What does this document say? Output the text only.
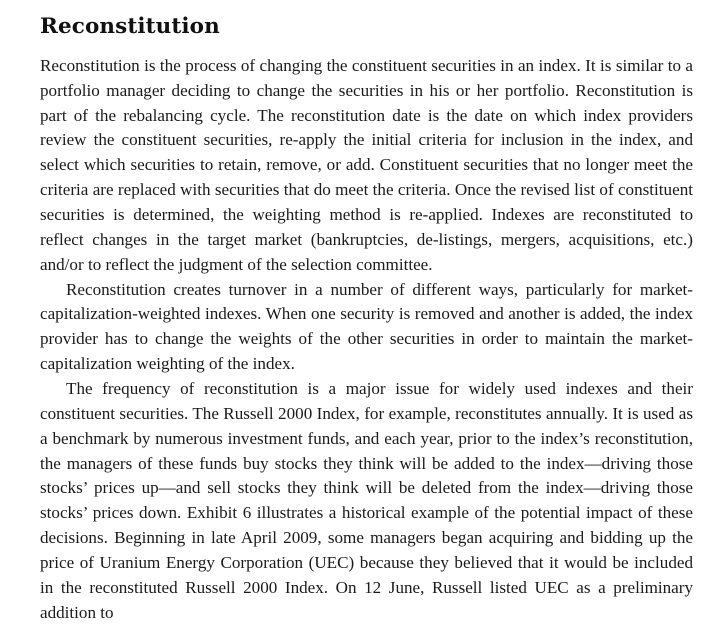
Reconstitution

Reconstitution is the process of changing the constituent securities in an index. It is similar to a portfolio manager deciding to change the securities in his or her portfolio. Reconstitution is part of the rebalancing cycle. The reconstitution date is the date on which index providers review the constituent securities, re-apply the initial criteria for inclusion in the index, and select which securities to retain, remove, or add. Constituent securities that no longer meet the criteria are replaced with securities that do meet the criteria. Once the revised list of constituent securities is determined, the weighting method is re-applied. Indexes are reconstituted to reflect changes in the target market (bankruptcies, de-listings, mergers, acquisitions, etc.) and/or to reflect the judgment of the selection committee.

Reconstitution creates turnover in a number of different ways, particularly for market-capitalization-weighted indexes. When one security is removed and another is added, the index provider has to change the weights of the other securities in order to maintain the market-capitalization weighting of the index.

The frequency of reconstitution is a major issue for widely used indexes and their constituent securities. The Russell 2000 Index, for example, reconstitutes annually. It is used as a benchmark by numerous investment funds, and each year, prior to the index’s reconstitution, the managers of these funds buy stocks they think will be added to the index—driving those stocks’ prices up—and sell stocks they think will be deleted from the index—driving those stocks’ prices down. Exhibit 6 illustrates a historical example of the potential impact of these decisions. Beginning in late April 2009, some managers began acquiring and bidding up the price of Uranium Energy Corporation (UEC) because they believed that it would be included in the reconstituted Russell 2000 Index. On 12 June, Russell listed UEC as a preliminary addition to
